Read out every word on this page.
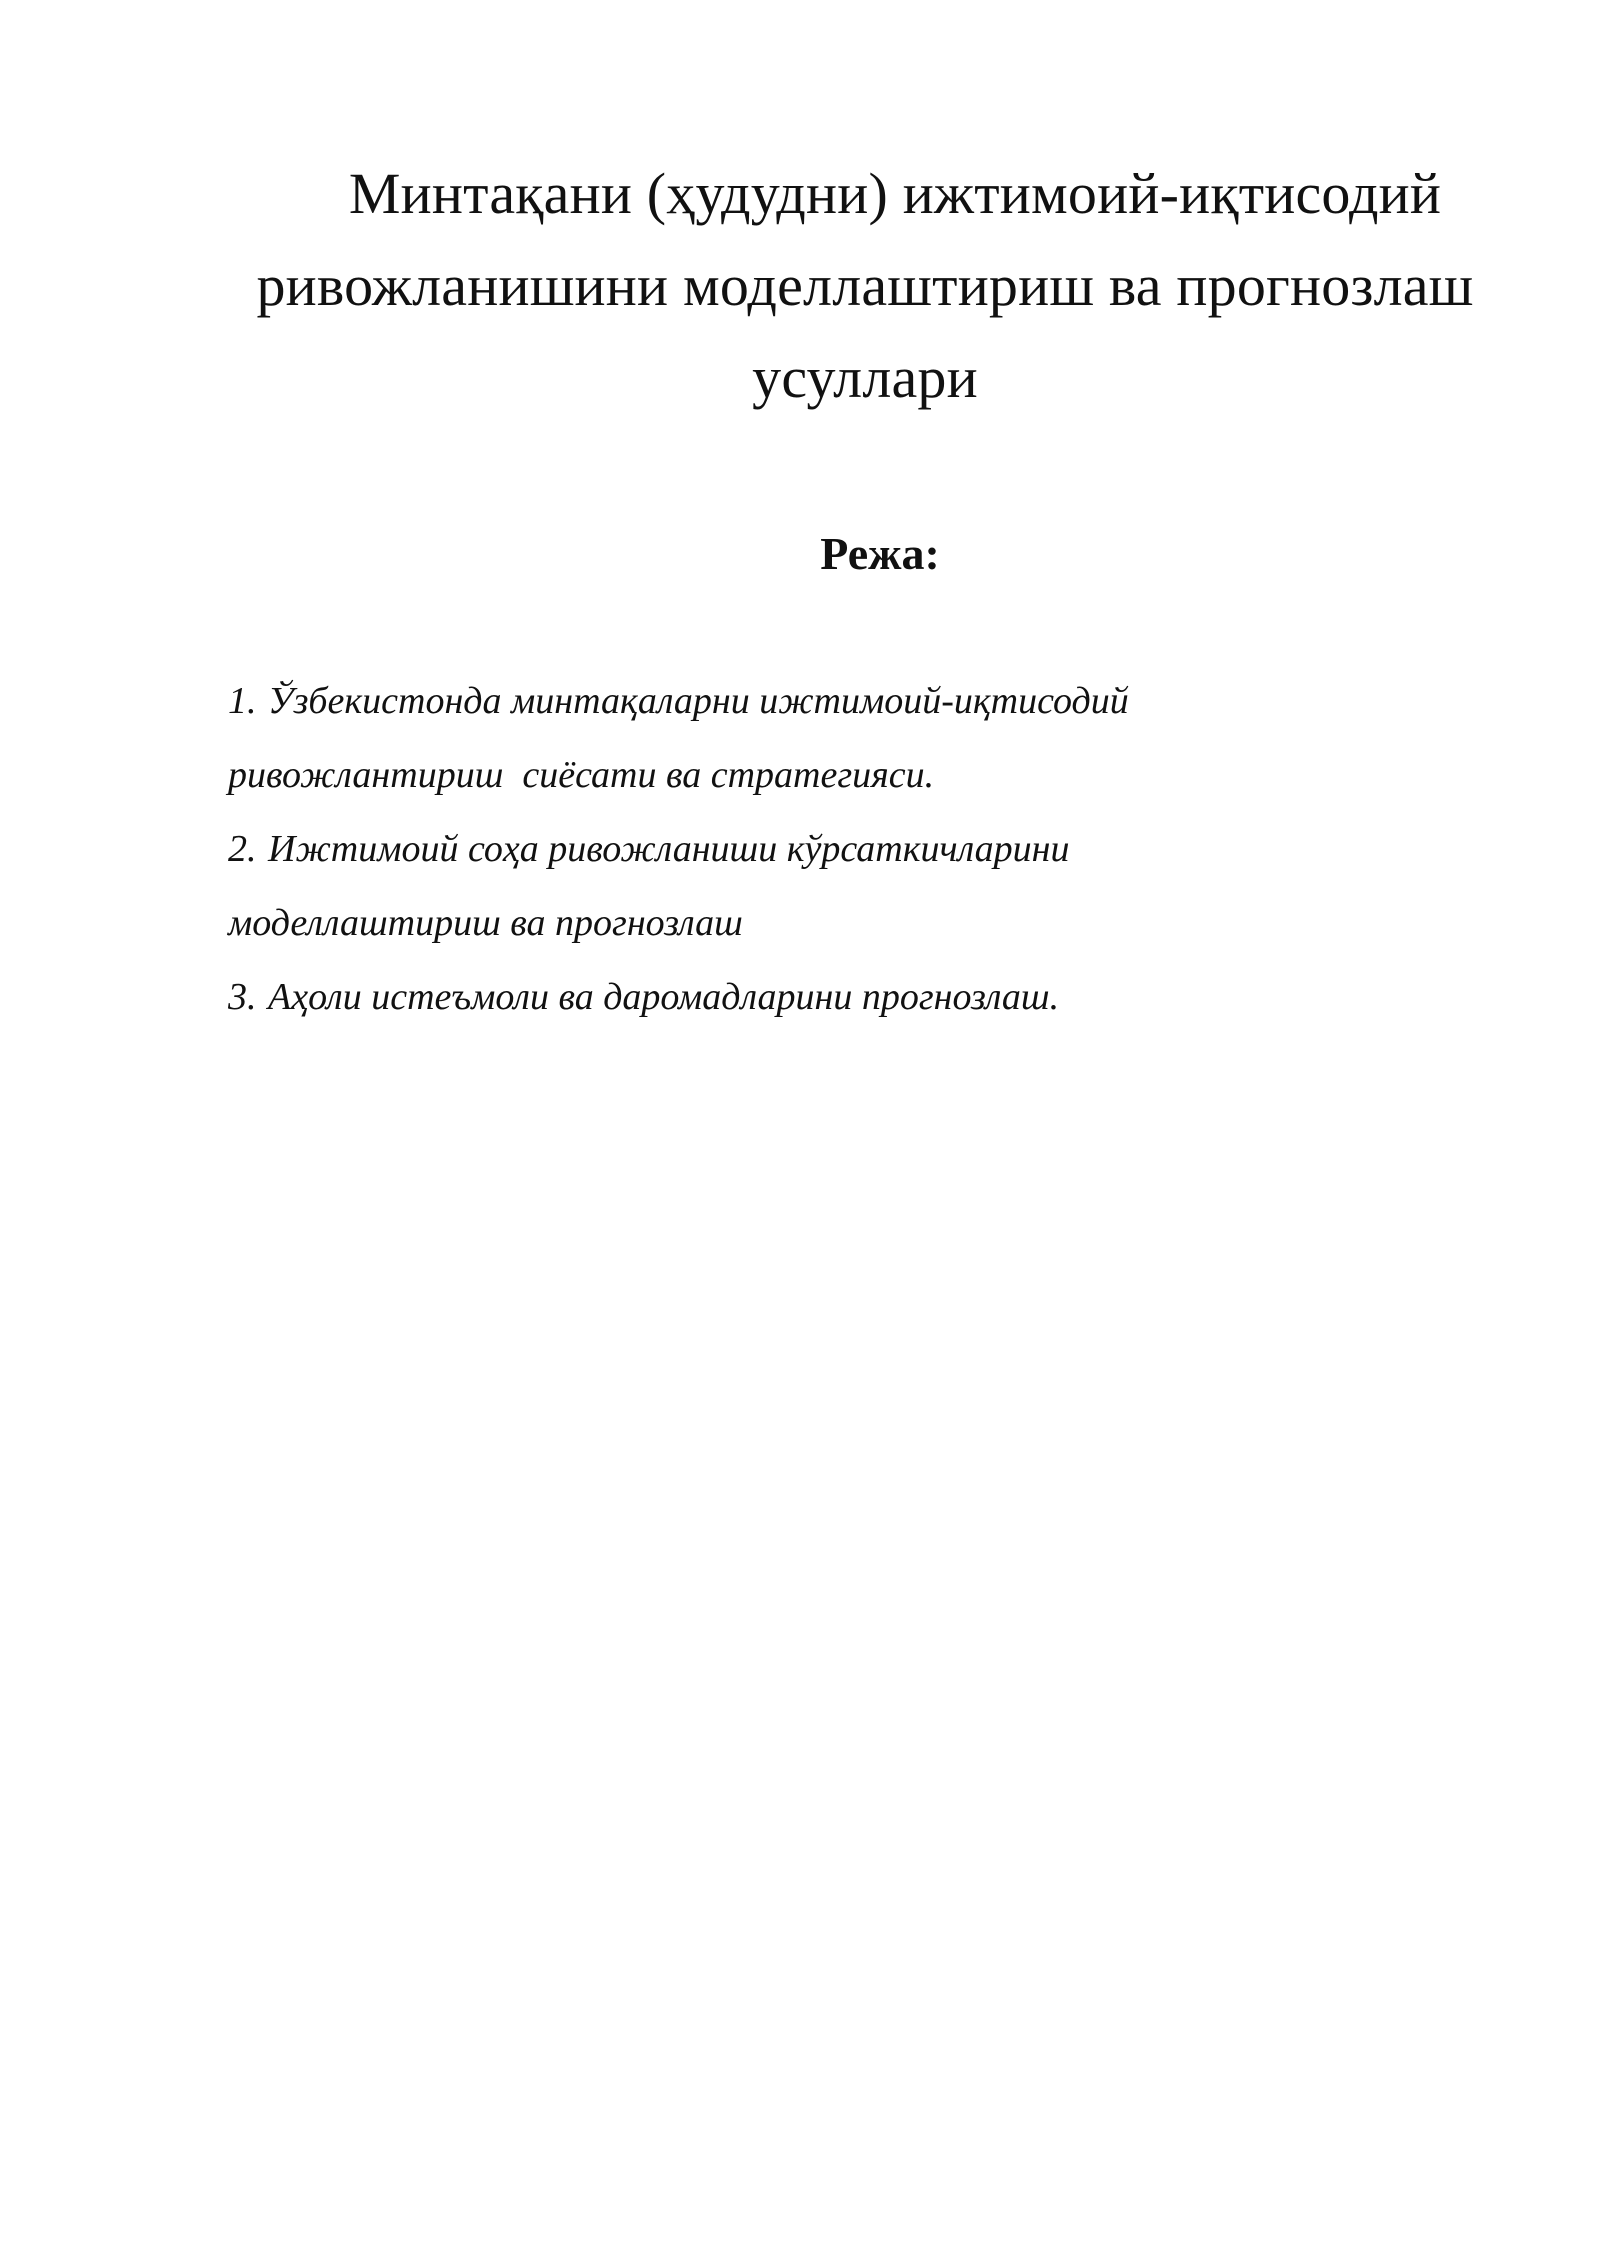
Минтақани (ҳудудни) ижтимоий-иқтисодий
ривожланишини моделлаштириш ва прогнозлаш
усуллари
Режа:
1. Ўзбекистонда минтақаларни ижтимоий-иқтисодий
ривожлантириш  сиёсати ва стратегияси.
2. Ижтимоий соҳа ривожланиши кўрсаткичларини
моделлаштириш ва прогнозлаш
3. Аҳоли истеъмоли ва даромадларини прогнозлаш.
